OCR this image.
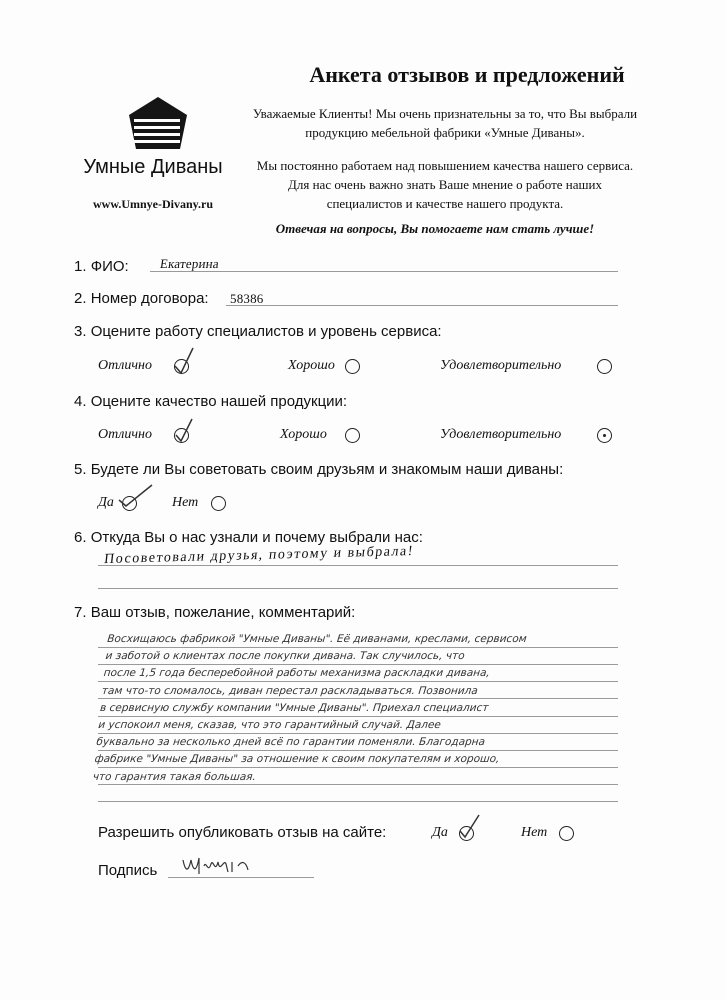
Умные Диваны
www.Umnye-Divany.ru
Анкета отзывов и предложений
Уважаемые Клиенты! Мы очень признательны за то, что Вы выбрали продукцию мебельной фабрики «Умные Диваны».
Мы постоянно работаем над повышением качества нашего сервиса. Для нас очень важно знать Ваше мнение о работе наших специалистов и качестве нашего продукта.
Отвечая на вопросы, Вы помогаете нам стать лучше!
1. ФИО: Екатерина
2. Номер договора: 58386
3. Оцените работу специалистов и уровень сервиса:
Отлично	Хорошо	Удовлетворительно
4. Оцените качество нашей продукции:
Отлично	Хорошо	Удовлетворительно
5. Будете ли Вы советовать своим друзьям и знакомым наши диваны:
Да	Нет
6. Откуда Вы о нас узнали и почему выбрали нас:
Посоветовали друзья, поэтому и выбрала!
7. Ваш отзыв, пожелание, комментарий:
Восхищаюсь фабрикой "Умные Диваны". Её диванами, креслами, сервисом
и заботой о клиентах после покупки дивана. Так случилось, что
после 1,5 года бесперебойной работы механизма раскладки дивана,
там что-то сломалось, диван перестал раскладываться. Позвонила
в сервисную службу компании "Умные Диваны". Приехал специалист
и успокоил меня, сказав, что это гарантийный случай. Далее
буквально за несколько дней всё по гарантии поменяли. Благодарна
фабрике "Умные Диваны" за отношение к своим покупателям и хорошо,
что гарантия такая большая.
Разрешить опубликовать отзыв на сайте:	Да	Нет
Подпись
